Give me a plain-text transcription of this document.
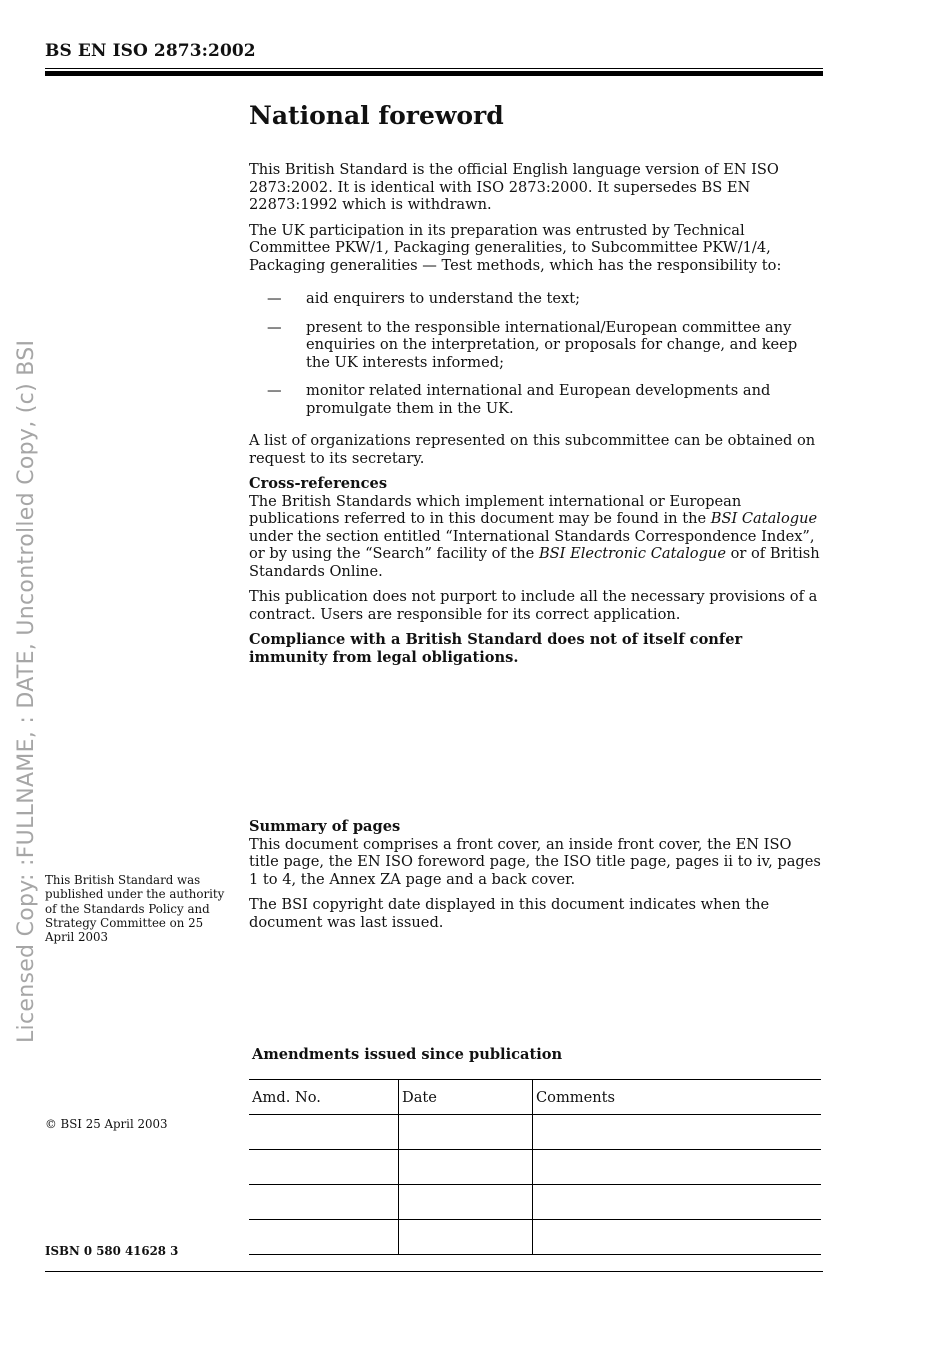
BS EN ISO 2873:2002
Licensed Copy: :FULLNAME, : DATE, Uncontrolled Copy, (c) BSI
National foreword

This British Standard is the official English language version of EN ISO 2873:2002. It is identical with ISO 2873:2000. It supersedes BS EN 22873:1992 which is withdrawn.

The UK participation in its preparation was entrusted by Technical Committee PKW/1, Packaging generalities, to Subcommittee PKW/1/4, Packaging generalities — Test methods, which has the responsibility to:

—	aid enquirers to understand the text;
—	present to the responsible international/European committee any enquiries on the interpretation, or proposals for change, and keep the UK interests informed;
—	monitor related international and European developments and promulgate them in the UK.

A list of organizations represented on this subcommittee can be obtained on request to its secretary.

Cross-references

The British Standards which implement international or European publications referred to in this document may be found in the BSI Catalogue under the section entitled “International Standards Correspondence Index”, or by using the “Search” facility of the BSI Electronic Catalogue or of British Standards Online.

This publication does not purport to include all the necessary provisions of a contract. Users are responsible for its correct application.

Compliance with a British Standard does not of itself confer immunity from legal obligations.

Summary of pages

This document comprises a front cover, an inside front cover, the EN ISO title page, the EN ISO foreword page, the ISO title page, pages ii to iv, pages 1 to 4, the Annex ZA page and a back cover.

The BSI copyright date displayed in this document indicates when the document was last issued.

This British Standard was published under the authority of the Standards Policy and Strategy Committee on 25 April 2003
© BSI 25 April 2003
ISBN 0 580 41628 3
Amendments issued since publication
Amd. No.	Date	Comments
